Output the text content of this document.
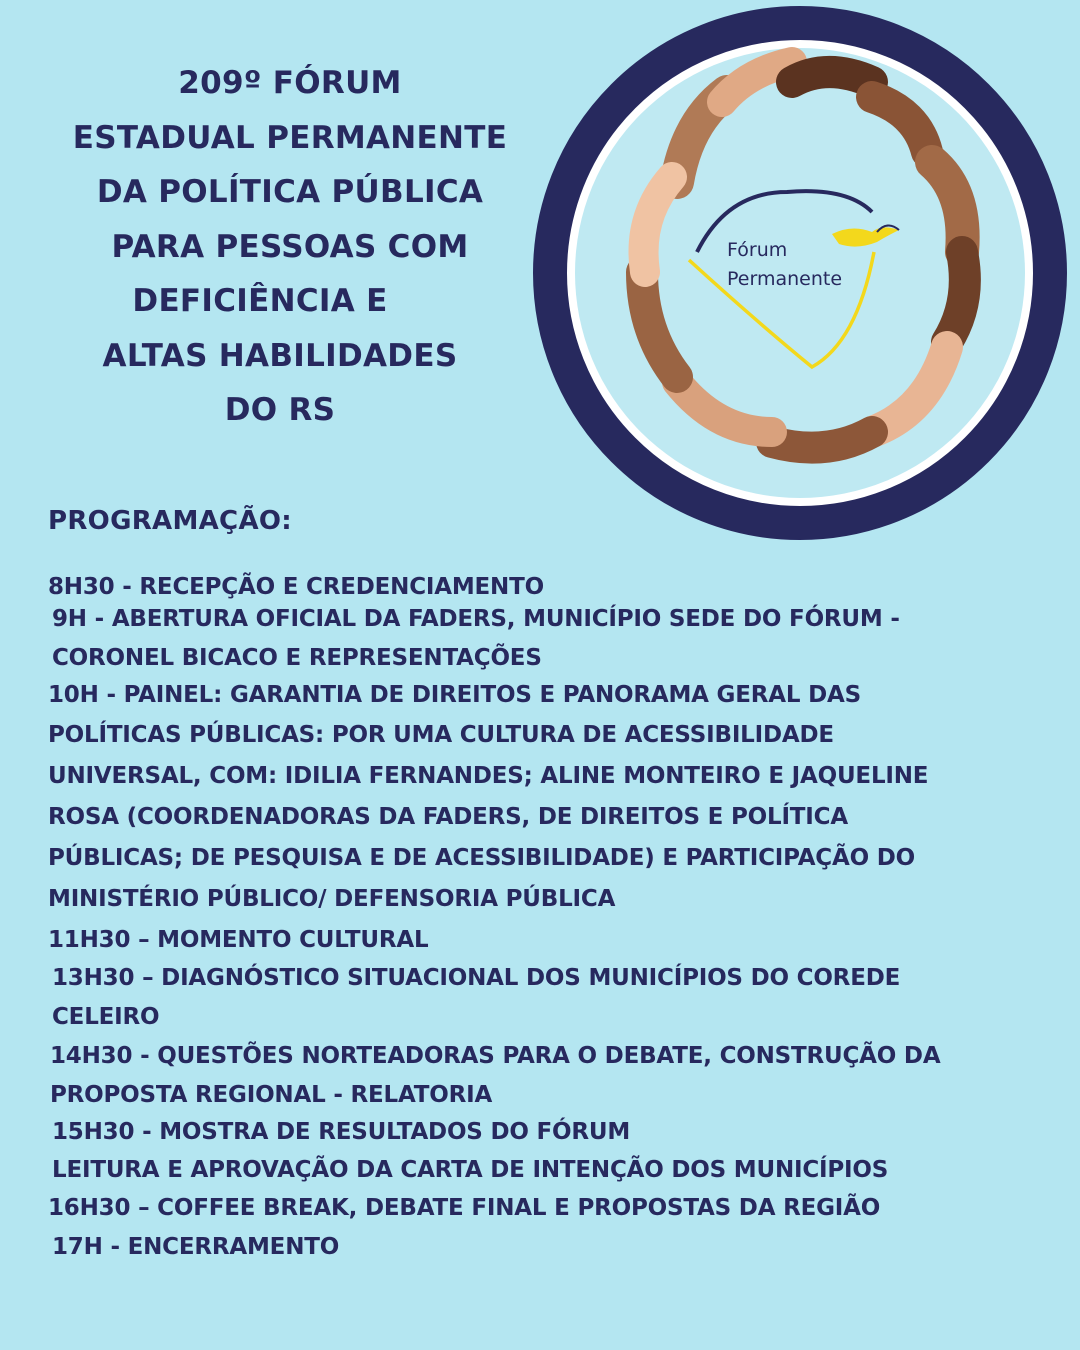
209º FÓRUM
ESTADUAL PERMANENTE
DA POLÍTICA PÚBLICA
PARA PESSOAS COM
DEFICIÊNCIA E
ALTAS HABILIDADES
DO RS
Fórum
Permanente
PROGRAMAÇÃO:
8H30 - RECEPÇÃO E CREDENCIAMENTO
9H - ABERTURA OFICIAL DA FADERS, MUNICÍPIO SEDE DO FÓRUM -
CORONEL BICACO E REPRESENTAÇÕES
10H - PAINEL: GARANTIA DE DIREITOS E PANORAMA GERAL DAS
POLÍTICAS PÚBLICAS: POR UMA CULTURA DE ACESSIBILIDADE
UNIVERSAL, COM: IDILIA FERNANDES; ALINE MONTEIRO E JAQUELINE
ROSA (COORDENADORAS DA FADERS, DE DIREITOS E POLÍTICA
PÚBLICAS; DE PESQUISA E DE ACESSIBILIDADE) E PARTICIPAÇÃO DO
MINISTÉRIO PÚBLICO/ DEFENSORIA PÚBLICA
11H30 – MOMENTO CULTURAL
13H30 – DIAGNÓSTICO SITUACIONAL DOS MUNICÍPIOS DO COREDE
CELEIRO
14H30 - QUESTÕES NORTEADORAS PARA O DEBATE, CONSTRUÇÃO DA
PROPOSTA REGIONAL - RELATORIA
15H30 - MOSTRA DE RESULTADOS DO FÓRUM
LEITURA E APROVAÇÃO DA CARTA DE INTENÇÃO DOS MUNICÍPIOS
16H30 – COFFEE BREAK, DEBATE FINAL E PROPOSTAS DA REGIÃO
17H - ENCERRAMENTO
